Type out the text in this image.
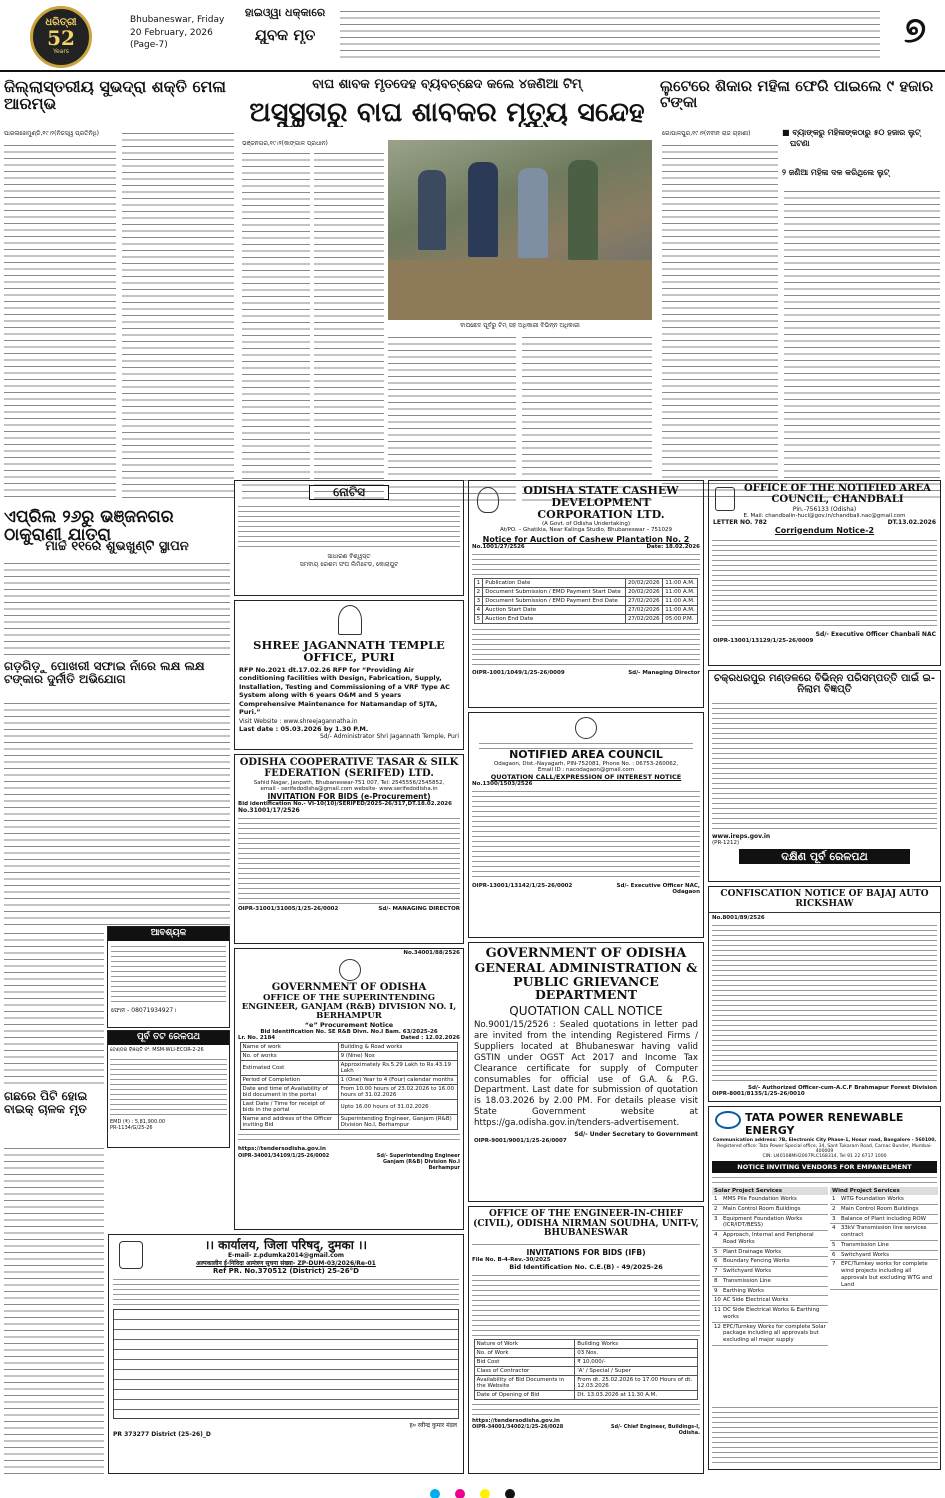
ଧରିତ୍ରୀ
52
Years
Bhubaneswar, Friday
20 February, 2026 (Page-7)
ହାଇଓ୍ୱା ଧକ୍କାରେ
ଯୁବକ ମୃତ	୭
ଜିଲ୍ଲାସ୍ତରୀୟ ସୁଭଦ୍ରା ଶକ୍ତି ମେଳା ଆରମ୍ଭ
ପାରଳାଖେମୁଣ୍ଡି,୧୯।୨(ନିଜସ୍ୱ ପ୍ରତିନିଧି)
ବାଘ ଶାବକ ମୃତଦେହ ବ୍ୟବଚ୍ଛେଦ କଲେ ୪ଜଣିଆ ଟିମ୍
ଅସୁସ୍ଥତାରୁ ବାଘ ଶାବକର ମୃତ୍ୟୁ ସନ୍ଦେହ
ଭଞ୍ଜନଗର,୧୯।୨(କାଙ୍ଗାଳ ପ୍ରଧାନ)
ବାଘଛେଦ ପୂର୍ବରୁ ଟିମ୍ ସହ ଅଧିକାରୀ ବିଭିନ୍ନ ଅଧିକାରୀ
ଲୁଟେରେ ଶିକାର ମହିଳା ଫେରି ପାଇଲେ ୯ ହଜାର ଟଙ୍କା
ଗୋପାଳପୁର,୧୯।୨(ନବୀନ ରାଜ ଚାହାଣୀ)	■ ବ୍ୟାଙ୍କରୁ ମହିଳାଙ୍କଠାରୁ ୫୦ ହଜାର ଲୁଟ୍ ଘଟଣା
୨ ଜଣିଆ ମହିଳା ଦଳ କରିଥିଲେ ଲୁଟ୍
ଏପ୍ରିଲ ୨୬ରୁ ଭଞ୍ଜନଗର ଠାକୁରାଣୀ ଯାତ୍ରା
ମାର୍ଚ୍ଚ ୧୧ରେ ଶୁଭଖୁଣ୍ଟି ସ୍ଥାପନ
ଗଡ଼ଗିଡ଼ୁ ପୋଖରୀ ସଫାଇ ନାଁରେ ଲକ୍ଷ ଲକ୍ଷ ଟଙ୍କାର ଦୁର୍ନୀତି ଅଭିଯୋଗ
ଆବଶ୍ୟକ
ଫୋନ - 08071934927।
ପୂର୍ବ ତଟ ରେଳପଥ
ଟେଣ୍ଡର ବିଜ୍ଞପ୍ତି ନଂ. MSM-WLI-ECOR-2-26
EMD (₹) : 5,81,900.00
PR-1134/G/25-26
ଗଛରେ ପିଟି ହୋଇ ବାଇକ୍ ଚାଳକ ମୃତ
ନୋଟିସ
ସାଧାରଣ ବିଶ୍ୱସ୍ତ
ସମବାୟ ରେଶମ ସଂଘ ଲିମିଟେଡ, କୋରାପୁଟ
ODISHA STATE CASHEW DEVELOPMENT CORPORATION LTD.
(A Govt. of Odisha Undertaking)
At/PO. – Ghatikia, Near Kalinga Studio, Bhubaneswar – 751029
Notice for Auction of Cashew Plantation No. 2
No.1001/27/2526	Date: 18.02.2026
1	Publication Date	20/02/2026	11:00 A.M.
2	Document Submission / EMD Payment Start Date	20/02/2026	11:00 A.M.
3	Document Submission / EMD Payment End Date	27/02/2026	11:00 A.M.
4	Auction Start Date	27/02/2026	11:00 A.M.
5	Auction End Date	27/02/2026	05:00 P.M.
OIPR-1001/1049/1/25-26/0009	Sd/- Managing Director
OFFICE OF THE NOTIFIED AREA COUNCIL, CHANDBALI
Pin.-756133 (Odisha)
E. Mail: chandbalin-hucl@gov.in/chandbali.nac@gmail.com
LETTER NO. 782	DT.13.02.2026
Corrigendum Notice-2
Sd/- Executive Officer Chanbali NAC
OIPR-13001/13129/1/25-26/0009
SHREE JAGANNATH TEMPLE OFFICE, PURI
RFP No.2021 dt.17.02.26 RFP for “Providing Air conditioning facilities with Design, Fabrication, Supply, Installation, Testing and Commissioning of a VRF Type AC System along with 6 years O&M and 5 years Comprehensive Maintenance for Natamandap of SJTA, Puri.”
Visit Website : www.shreejagannatha.in
Last date : 05.03.2026 by 1.30 P.M.
Sd/- Administrator Shri Jagannath Temple, Puri
NOTIFIED AREA COUNCIL
Odagaon, Dist.-Nayagarh, PIN-752081, Phone No. : 06753-260062,
Email ID : nacodagaon@gmail.com
QUOTATION CALL/EXPRESSION OF INTEREST NOTICE
No.1300/1503/2526
OIPR-13001/13142/1/25-26/0002	Sd/- Executive Officer NAC, Odagaon
ଚକ୍ରଧରପୁର ମଣ୍ଡଳରେ ବିଭିନ୍ନ ପରିସମ୍ପତ୍ତି ପାଇଁ ଇ-ନିଲାମ ବିଜ୍ଞପ୍ତି
www.ireps.gov.in
(PR-1212)
ଦକ୍ଷିଣ ପୂର୍ବ ରେଳପଥ
ODISHA COOPERATIVE TASAR & SILK FEDERATION (SERIFED) LTD.
Sahid Nagar, Janpath, Bhubaneswar-751 007, Tel: 2545556/2545852,
email - serifedodisha@gmail.com website- www.serifedodisha.in
INVITATION FOR BIDS (e-Procurement)
Bid identification No.- VI-10(10)/SERIFED/2025-26/317,DT.18.02.2026
No.31001/17/2526
OIPR-31001/31005/1/25-26/0002	Sd/- MANAGING DIRECTOR
CONFISCATION NOTICE OF BAJAJ AUTO RICKSHAW
No.8001/89/2526
Sd/- Authorized Officer-cum-A.C.F Brahmapur Forest Division
OIPR-8001/8135/1/25-26/0010
No.34001/88/2526
GOVERNMENT OF ODISHA
OFFICE OF THE SUPERINTENDING ENGINEER, GANJAM (R&B) DIVISION NO. I, BERHAMPUR
“e” Procurement Notice
Bid Identification No. SE R&B Divn. No.I Bam. 63/2025-26
Lr. No. 2184	Dated : 12.02.2026
Name of work	Building & Road works
No. of works	9 (Nine) Nos
Estimated Cost	Approximately Rs.5.29 Lakh to Rs.43.19 Lakh
Period of Completion	1 (One) Year to 4 (Four) calendar months
Date and time of Availability of bid document in the portal	From 10.00 hours of 23.02.2026 to 16.00 hours of 31.02.2026
Last Date / Time for receipt of bids in the portal	Upto 16.00 hours of 31.02.2026
Name and address of the Officer inviting Bid	Superintending Engineer, Ganjam (R&B) Division No.I, Berhampur
https://tendersodisha.gov.in
OIPR-34001/34109/1/25-26/0002	Sd/- Superintending Engineer Ganjam (R&B) Division No.I Berhampur
GOVERNMENT OF ODISHA
GENERAL ADMINISTRATION & PUBLIC GRIEVANCE DEPARTMENT
QUOTATION CALL NOTICE
No.9001/15/2526 : Sealed quotations in letter pad are invited from the intending Registered Firms / Suppliers located at Bhubaneswar having valid GSTIN under OGST Act 2017 and Income Tax Clearance certificate for supply of Computer consumables for official use of G.A. & P.G. Department. Last date for submission of quotation is 18.03.2026 by 2.00 PM. For details please visit State Government website at https://ga.odisha.gov.in/tenders-advertisement.
Sd/- Under Secretary to Government
OIPR-9001/9001/1/25-26/0007
TATA POWER RENEWABLE ENERGY
Communication address: 7B, Electronic City Phase-1, Hosur road, Bangalore - 560100,
Registered office: Tata Power Special office, 34, Sant Tukaram Road, Carnac Bunder, Mumbai-400009
CIN: U40108MH2007PLC168314, Tel 91 22 6717 1000
NOTICE INVITING VENDORS FOR EMPANELMENT
Solar Project Services
1	MMS Pile Foundation Works
2	Main Control Room Buildings
3	Equipment Foundation Works (ICR/IDT/BESS)
4	Approach, Internal and Peripheral Road Works
5	Plant Drainage Works
6	Boundary Fencing Works
7	Switchyard Works
8	Transmission Line
9	Earthing Works
10 AC Side Electrical Works
11 DC Side Electrical Works & Earthing works
12 EPC/Turnkey Works for complete Solar package including all approvals but excluding all major supply
Wind Project Services
1	WTG Foundation Works
2	Main Control Room Buildings
3	Balance of Plant including ROW
4	33kV Transmission line services contract
5	Transmission Line
6	Switchyard Works
7	EPC/Turnkey works for complete wind projects including all approvals but excluding WTG and Land
।। कार्यालय, जिला परिषद्, दुमका ।।
E-mail- z.pdumka2014@gmail.com
अल्पकालीन ई-निविदा आमंत्रण सूचना संख्या- ZP-DUM-03/2026/Re-01
Ref PR. No.370512 (District) 25-26°D
ह० रवीन्द्र कुमार मंडल
PR 373277 District (25-26)_D
OFFICE OF THE ENGINEER-IN-CHIEF (CIVIL), ODISHA NIRMAN SOUDHA, UNIT-V, BHUBANESWAR
INVITATIONS FOR BIDS (IFB)
File No. B-4-Rev.-30/2025
Bid Identification No. C.E.(B) - 49/2025-26
Nature of Work	Building Works
No. of Work	03 Nos.
Bid Cost	₹ 10,000/-
Class of Contractor	'A' / Special / Super
Availability of Bid Documents in the Website	From dt. 25.02.2026 to 17.00 Hours of dt. 12.03.2026
Date of Opening of Bid	Dt. 13.03.2026 at 11.30 A.M.
https://tendersodisha.gov.in
OIPR-34001/34002/1/25-26/0028	Sd/- Chief Engineer, Buildings-I, Odisha.
